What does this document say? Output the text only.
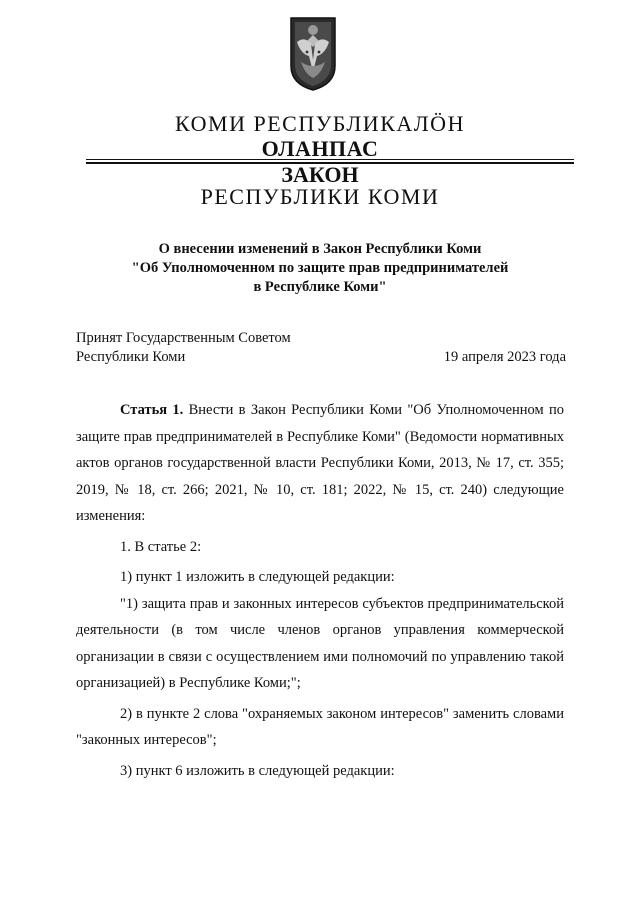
КОМИ РЕСПУБЛИКАЛӦН
ОЛАНПАС
ЗАКОН
РЕСПУБЛИКИ КОМИ
О внесении изменений в Закон Республики Коми
"Об Уполномоченном по защите прав предпринимателей
в Республике Коми"
Принят Государственным Советом
Республики Коми	19 апреля 2023 года

Статья 1. Внести в Закон Республики Коми "Об Уполномоченном по защите прав предпринимателей в Республике Коми" (Ведомости нормативных актов органов государственной власти Республики Коми, 2013, № 17, ст. 355; 2019, № 18, ст. 266; 2021, № 10, ст. 181; 2022, № 15, ст. 240) следующие изменения:

1. В статье 2:

1) пункт 1 изложить в следующей редакции:

"1) защита прав и законных интересов субъектов предпринимательской деятельности (в том числе членов органов управления коммерческой организации в связи с осуществлением ими полномочий по управлению такой организацией) в Республике Коми;";

2) в пункте 2 слова "охраняемых законом интересов" заменить словами "законных интересов";

3) пункт 6 изложить в следующей редакции:
